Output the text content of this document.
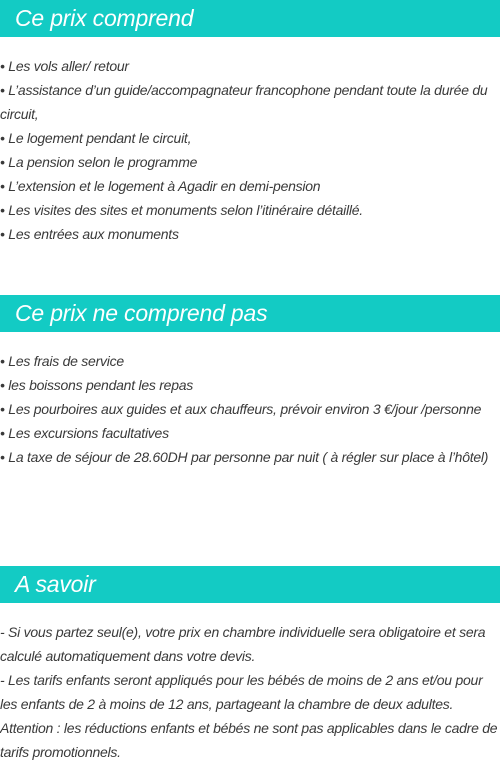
Ce prix comprend
• Les vols aller/ retour
• L’assistance d’un guide/accompagnateur francophone pendant toute la durée du circuit,
• Le logement pendant le circuit,
• La pension selon le programme
• L’extension et le logement à Agadir en demi-pension
• Les visites des sites et monuments selon l’itinéraire détaillé.
• Les entrées aux monuments
Ce prix ne comprend pas
• Les frais de service
• les boissons pendant les repas
• Les pourboires aux guides et aux chauffeurs, prévoir environ 3 €/jour /personne
• Les excursions facultatives
• La taxe de séjour de 28.60DH par personne par nuit ( à régler sur place à l’hôtel)
A savoir
- Si vous partez seul(e), votre prix en chambre individuelle sera obligatoire et sera calculé automatiquement dans votre devis.
- Les tarifs enfants seront appliqués pour les bébés de moins de 2 ans et/ou pour les enfants de 2 à moins de 12 ans, partageant la chambre de deux adultes.
Attention : les réductions enfants et bébés ne sont pas applicables dans le cadre de tarifs promotionnels.
